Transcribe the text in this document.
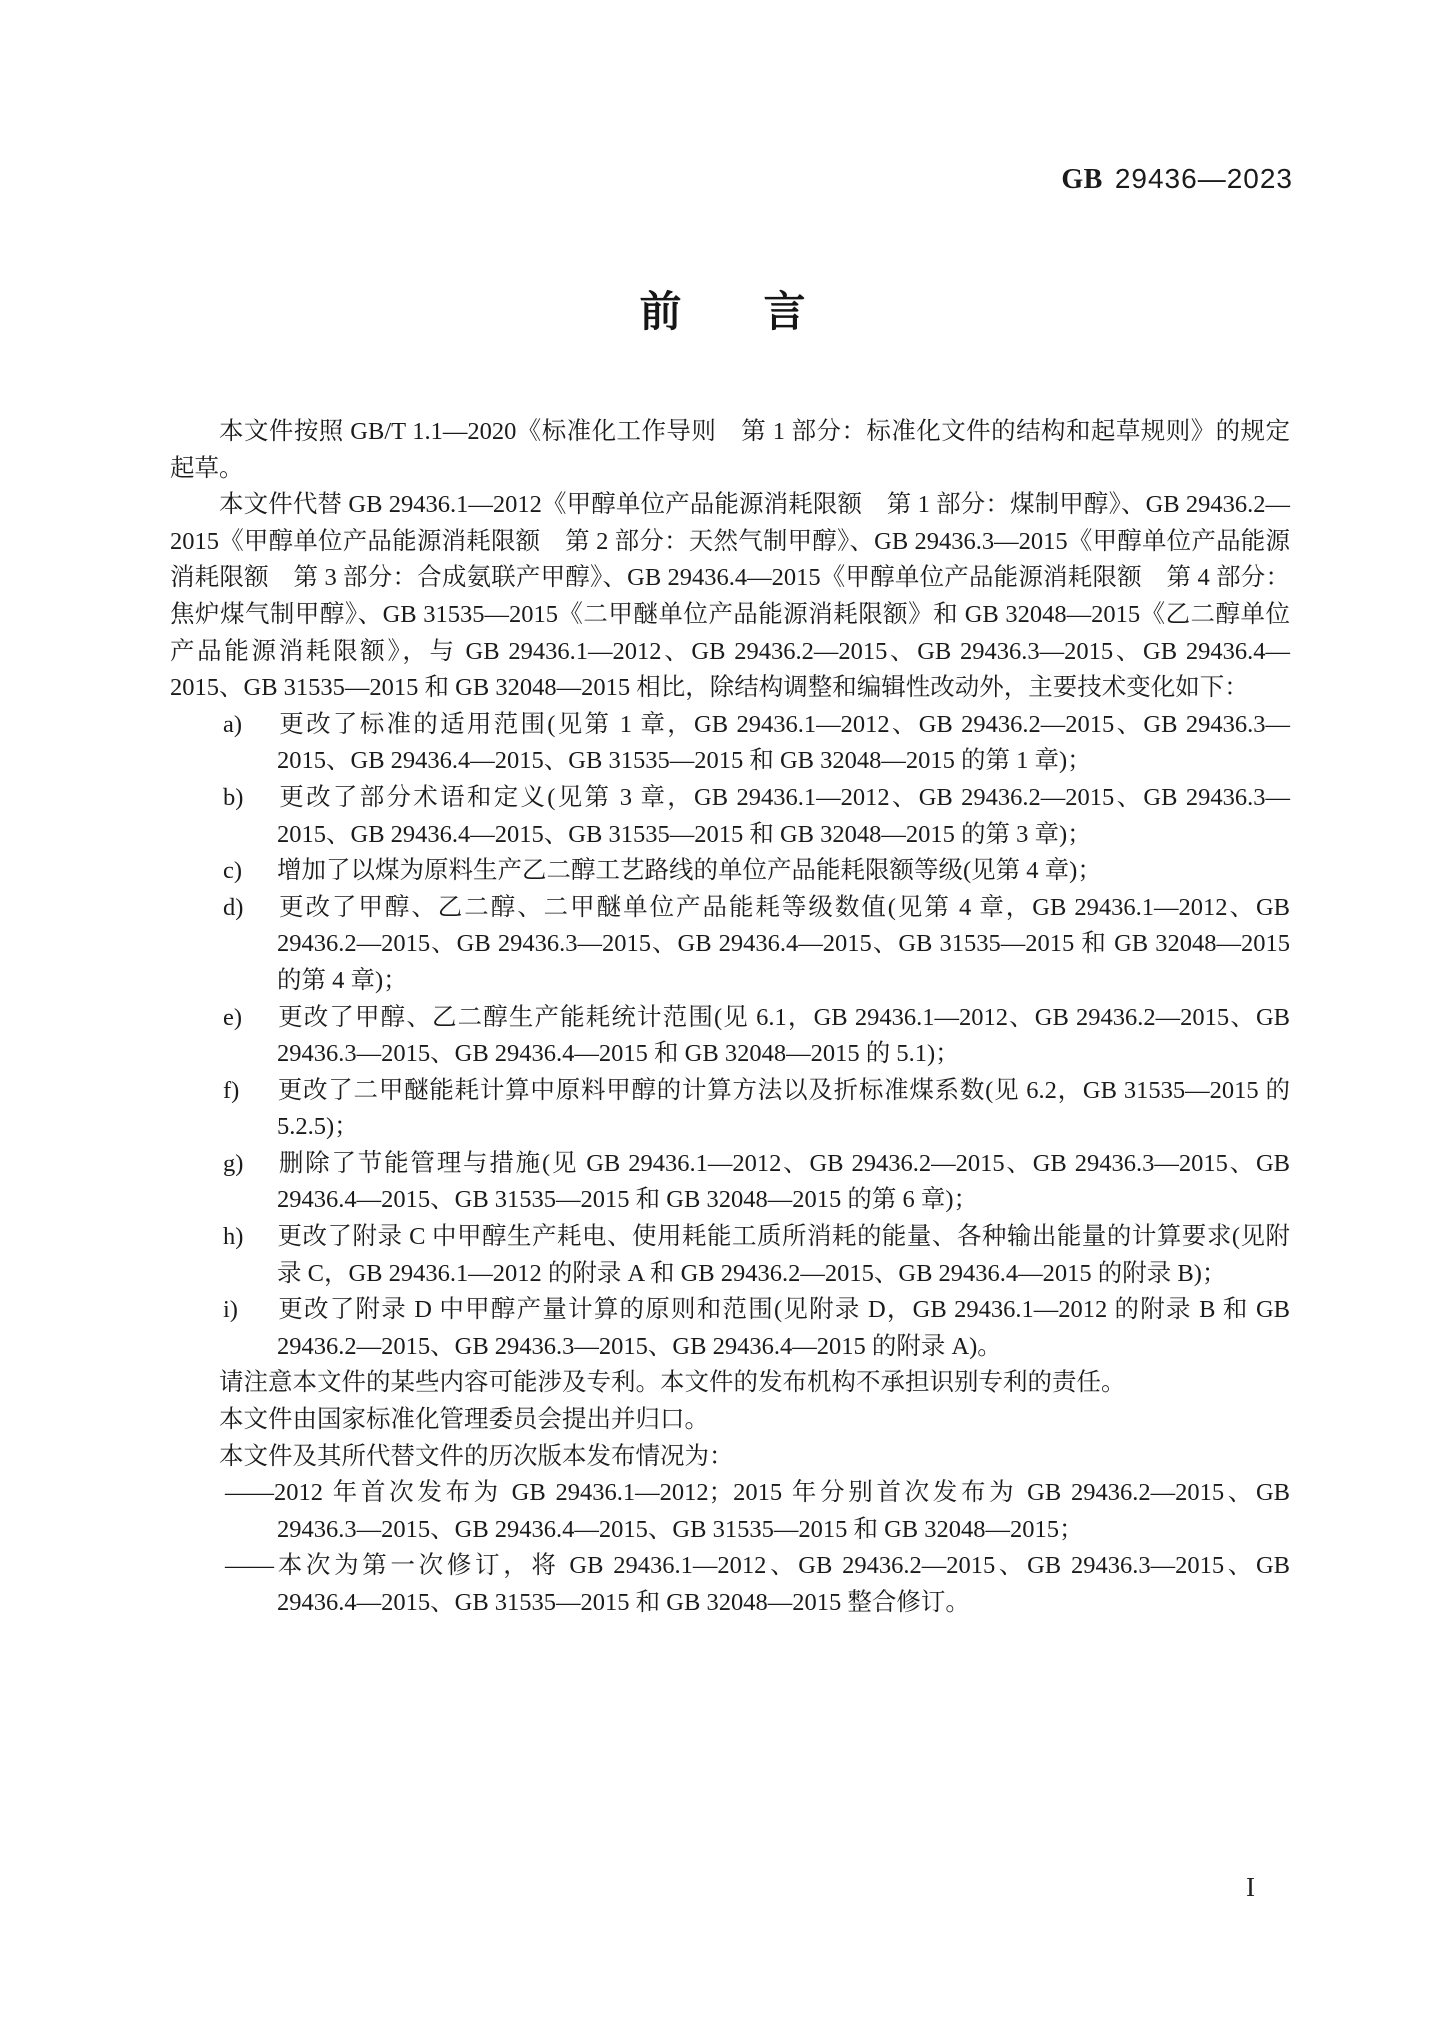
GB 29436—2023
前 言

本文件按照 GB/T 1.1—2020《标准化工作导则　第 1 部分：标准化文件的结构和起草规则》的规定起草。

本文件代替 GB 29436.1—2012《甲醇单位产品能源消耗限额　第 1 部分：煤制甲醇》、GB 29436.2—2015《甲醇单位产品能源消耗限额　第 2 部分：天然气制甲醇》、GB 29436.3—2015《甲醇单位产品能源消耗限额　第 3 部分：合成氨联产甲醇》、GB 29436.4—2015《甲醇单位产品能源消耗限额　第 4 部分：焦炉煤气制甲醇》、GB 31535—2015《二甲醚单位产品能源消耗限额》和 GB 32048—2015《乙二醇单位产品能源消耗限额》，与 GB 29436.1—2012、GB 29436.2—2015、GB 29436.3—2015、GB 29436.4—2015、GB 31535—2015 和 GB 32048—2015 相比，除结构调整和编辑性改动外，主要技术变化如下：

a) 更改了标准的适用范围(见第 1 章，GB 29436.1—2012、GB 29436.2—2015、GB 29436.3—2015、GB 29436.4—2015、GB 31535—2015 和 GB 32048—2015 的第 1 章)；
b) 更改了部分术语和定义(见第 3 章，GB 29436.1—2012、GB 29436.2—2015、GB 29436.3—2015、GB 29436.4—2015、GB 31535—2015 和 GB 32048—2015 的第 3 章)；
c) 增加了以煤为原料生产乙二醇工艺路线的单位产品能耗限额等级(见第 4 章)；
d) 更改了甲醇、乙二醇、二甲醚单位产品能耗等级数值(见第 4 章，GB 29436.1—2012、GB 29436.2—2015、GB 29436.3—2015、GB 29436.4—2015、GB 31535—2015 和 GB 32048—2015 的第 4 章)；
e) 更改了甲醇、乙二醇生产能耗统计范围(见 6.1，GB 29436.1—2012、GB 29436.2—2015、GB 29436.3—2015、GB 29436.4—2015 和 GB 32048—2015 的 5.1)；
f) 更改了二甲醚能耗计算中原料甲醇的计算方法以及折标准煤系数(见 6.2，GB 31535—2015 的 5.2.5)；
g) 删除了节能管理与措施(见 GB 29436.1—2012、GB 29436.2—2015、GB 29436.3—2015、GB 29436.4—2015、GB 31535—2015 和 GB 32048—2015 的第 6 章)；
h) 更改了附录 C 中甲醇生产耗电、使用耗能工质所消耗的能量、各种输出能量的计算要求(见附录 C，GB 29436.1—2012 的附录 A 和 GB 29436.2—2015、GB 29436.4—2015 的附录 B)；
i) 更改了附录 D 中甲醇产量计算的原则和范围(见附录 D，GB 29436.1—2012 的附录 B 和 GB 29436.2—2015、GB 29436.3—2015、GB 29436.4—2015 的附录 A)。

请注意本文件的某些内容可能涉及专利。本文件的发布机构不承担识别专利的责任。

本文件由国家标准化管理委员会提出并归口。

本文件及其所代替文件的历次版本发布情况为：

——2012 年首次发布为 GB 29436.1—2012；2015 年分别首次发布为 GB 29436.2—2015、GB 29436.3—2015、GB 29436.4—2015、GB 31535—2015 和 GB 32048—2015；
——本次为第一次修订，将 GB 29436.1—2012、GB 29436.2—2015、GB 29436.3—2015、GB 29436.4—2015、GB 31535—2015 和 GB 32048—2015 整合修订。
I
